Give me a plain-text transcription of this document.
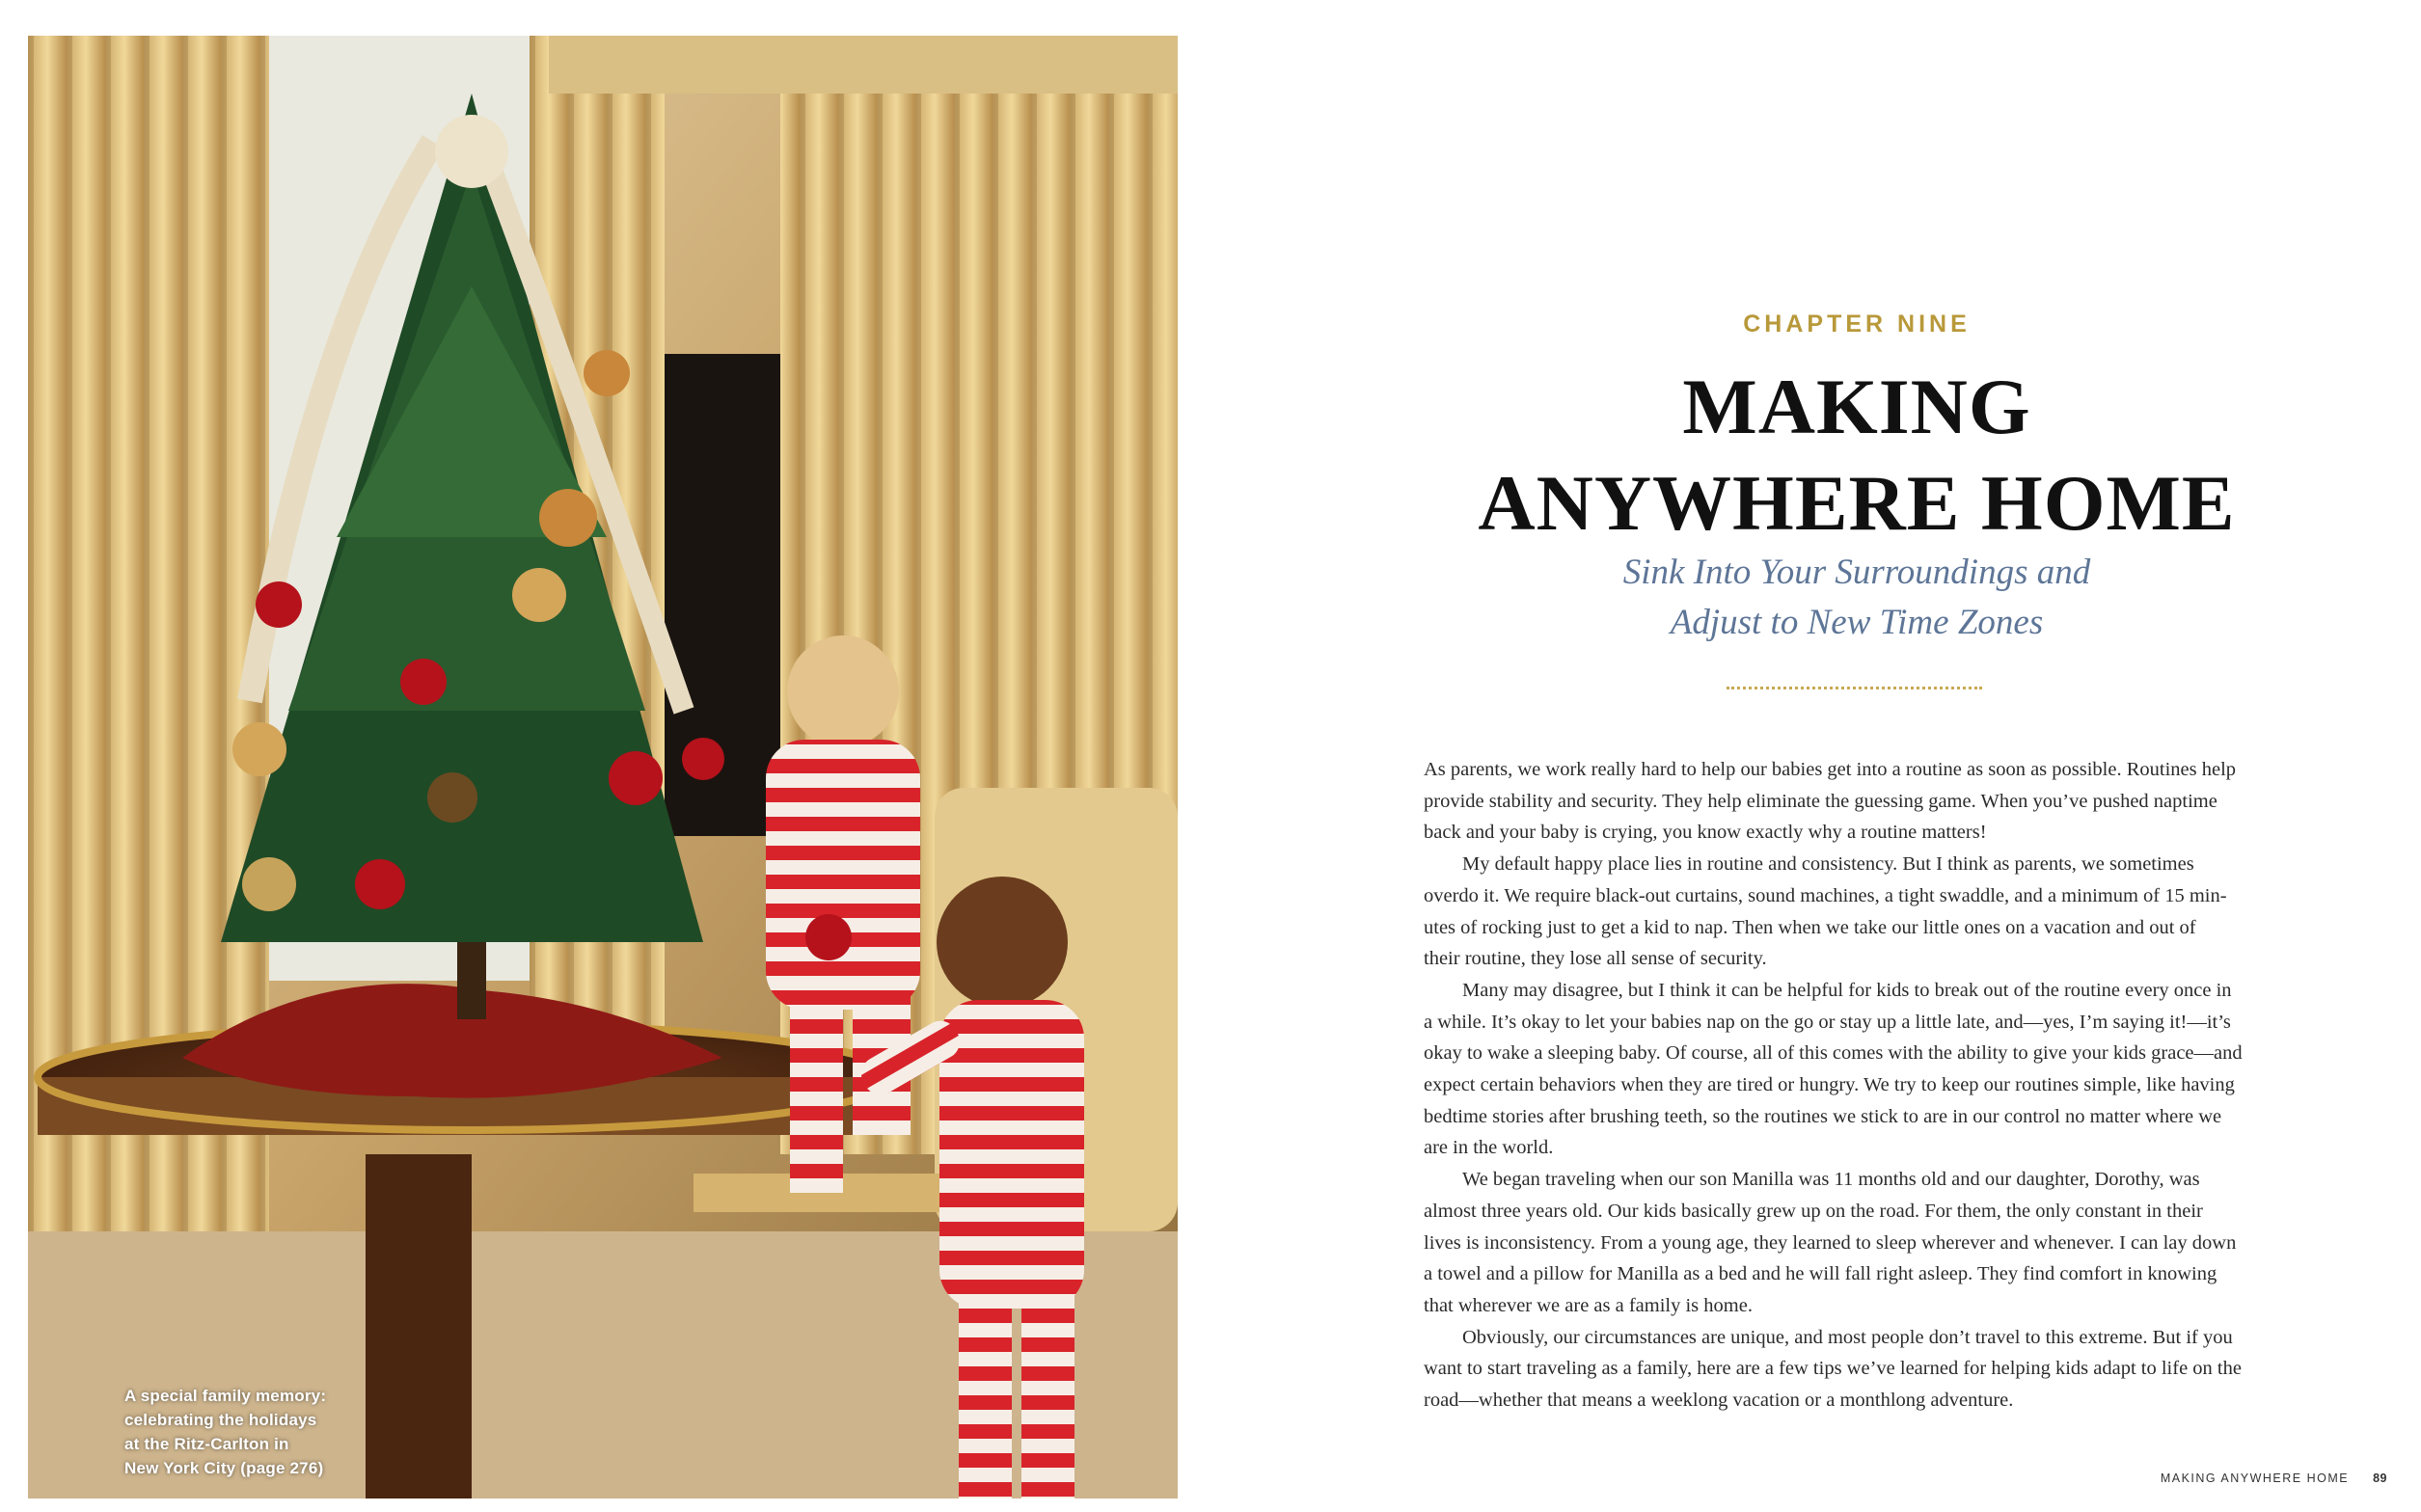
A special family memory:
celebrating the holidays
at the Ritz-Carlton in
New York City (page 276)
CHAPTER NINE
MAKING
ANYWHERE HOME
Sink Into Your Surroundings and
Adjust to New Time Zones
As parents, we work really hard to help our babies get into a routine as soon as possible. Routines help
provide stability and security. They help eliminate the guessing game. When you’ve pushed naptime
back and your baby is crying, you know exactly why a routine matters!
My default happy place lies in routine and consistency. But I think as parents, we sometimes
overdo it. We require black-out curtains, sound machines, a tight swaddle, and a minimum of 15 min-
utes of rocking just to get a kid to nap. Then when we take our little ones on a vacation and out of
their routine, they lose all sense of security.
Many may disagree, but I think it can be helpful for kids to break out of the routine every once in
a while. It’s okay to let your babies nap on the go or stay up a little late, and—yes, I’m saying it!—it’s
okay to wake a sleeping baby. Of course, all of this comes with the ability to give your kids grace—and
expect certain behaviors when they are tired or hungry. We try to keep our routines simple, like having
bedtime stories after brushing teeth, so the routines we stick to are in our control no matter where we
are in the world.
We began traveling when our son Manilla was 11 months old and our daughter, Dorothy, was
almost three years old. Our kids basically grew up on the road. For them, the only constant in their
lives is inconsistency. From a young age, they learned to sleep wherever and whenever. I can lay down
a towel and a pillow for Manilla as a bed and he will fall right asleep. They find comfort in knowing
that wherever we are as a family is home.
Obviously, our circumstances are unique, and most people don’t travel to this extreme. But if you
want to start traveling as a family, here are a few tips we’ve learned for helping kids adapt to life on the
road—whether that means a weeklong vacation or a monthlong adventure.
MAKING ANYWHERE HOME 89
